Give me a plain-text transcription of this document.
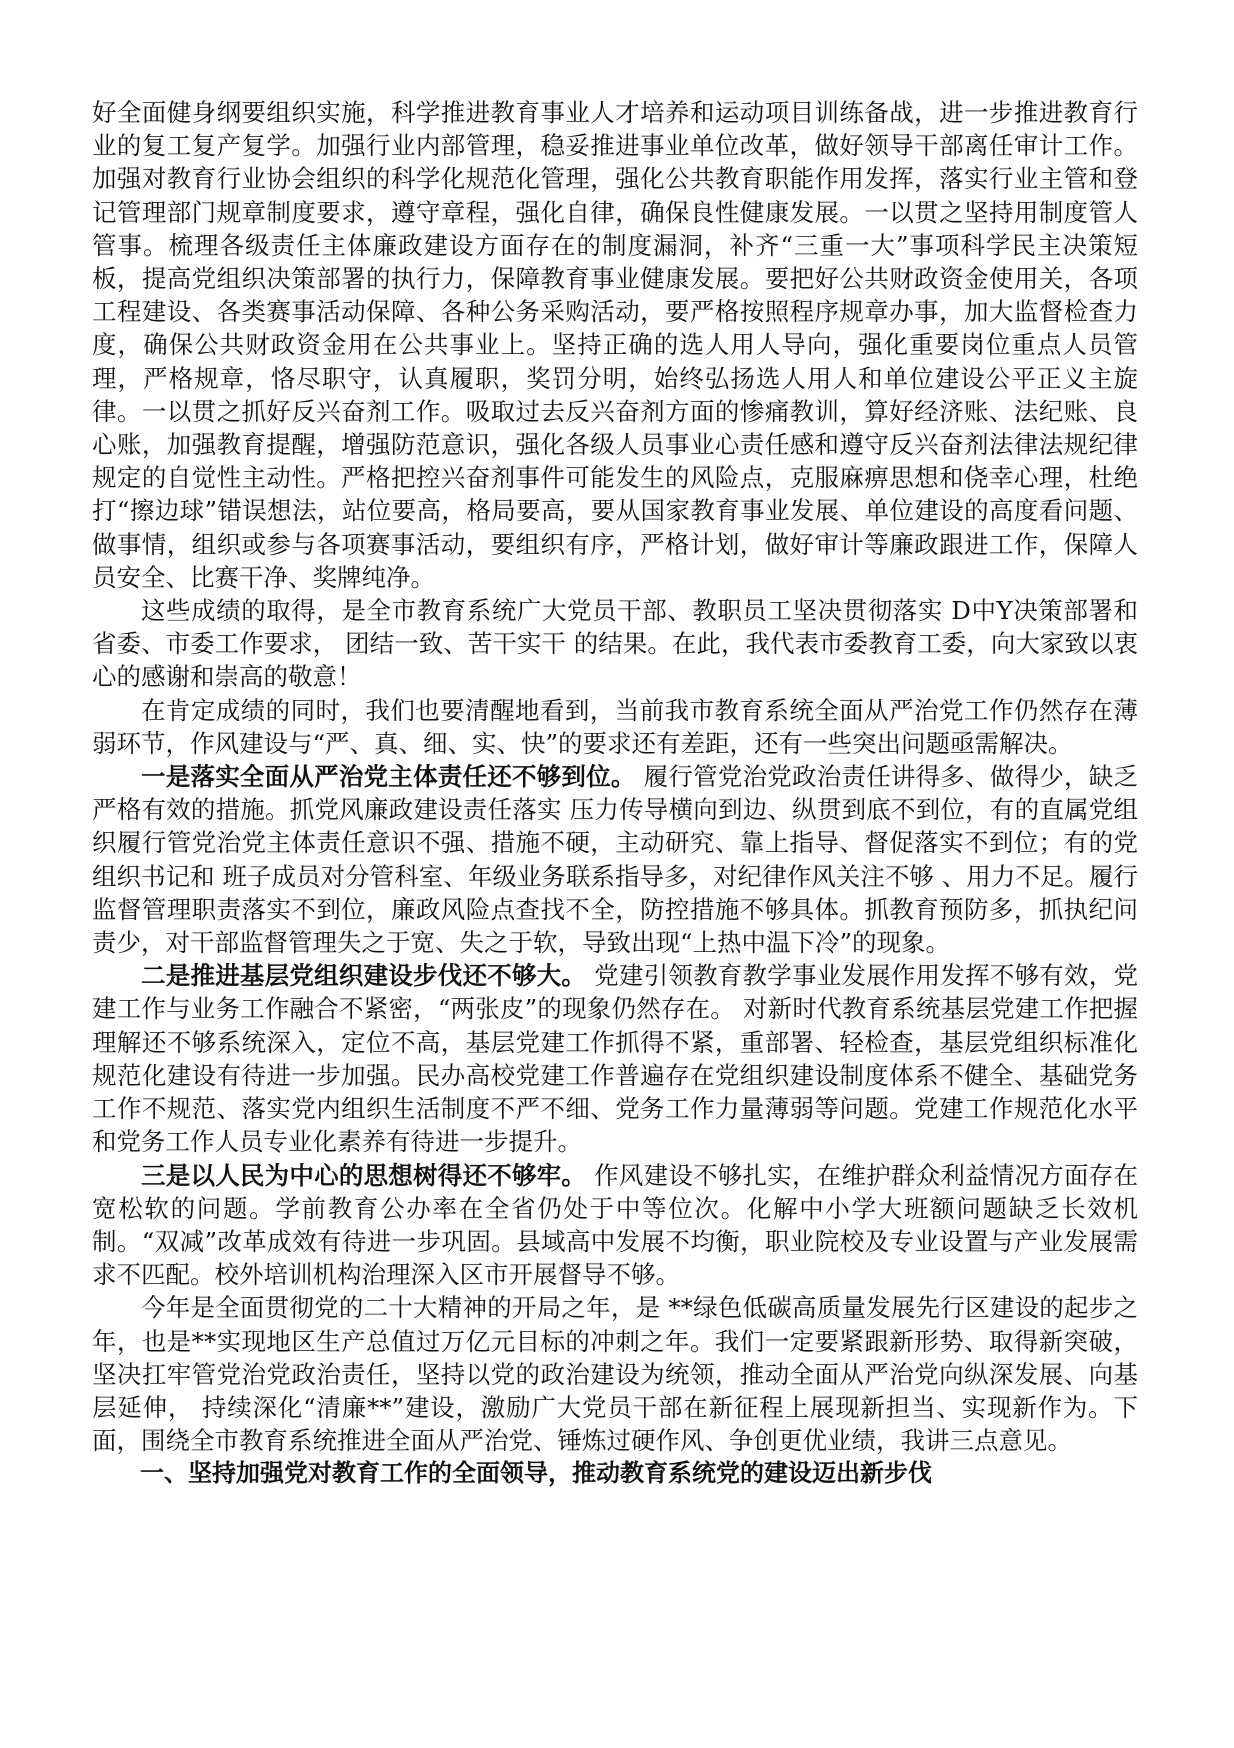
好全面健身纲要组织实施，科学推进教育事业人才培养和运动项目训练备战，进一步推进教育行业的复工复产复学。加强行业内部管理，稳妥推进事业单位改革，做好领导干部离任审计工作。加强对教育行业协会组织的科学化规范化管理，强化公共教育职能作用发挥，落实行业主管和登记管理部门规章制度要求，遵守章程，强化自律，确保良性健康发展。一以贯之坚持用制度管人管事。梳理各级责任主体廉政建设方面存在的制度漏洞，补齐“三重一大”事项科学民主决策短板，提高党组织决策部署的执行力，保障教育事业健康发展。要把好公共财政资金使用关，各项工程建设、各类赛事活动保障、各种公务采购活动，要严格按照程序规章办事，加大监督检查力度，确保公共财政资金用在公共事业上。坚持正确的选人用人导向，强化重要岗位重点人员管理，严格规章，恪尽职守，认真履职，奖罚分明，始终弘扬选人用人和单位建设公平正义主旋律。一以贯之抓好反兴奋剂工作。吸取过去反兴奋剂方面的惨痛教训，算好经济账、法纪账、良心账，加强教育提醒，增强防范意识，强化各级人员事业心责任感和遵守反兴奋剂法律法规纪律规定的自觉性主动性。严格把控兴奋剂事件可能发生的风险点，克服麻痹思想和侥幸心理，杜绝打“擦边球”错误想法，站位要高，格局要高，要从国家教育事业发展、单位建设的高度看问题、做事情，组织或参与各项赛事活动，要组织有序，严格计划，做好审计等廉政跟进工作，保障人员安全、比赛干净、奖牌纯净。

这些成绩的取得，是全市教育系统广大党员干部、教职员工坚决贯彻落实 D中Y决策部署和省委、市委工作要求， 团结一致、苦干实干 的结果。在此，我代表市委教育工委，向大家致以衷心的感谢和崇高的敬意！

在肯定成绩的同时，我们也要清醒地看到，当前我市教育系统全面从严治党工作仍然存在薄弱环节，作风建设与“严、真、细、实、快”的要求还有差距，还有一些突出问题亟需解决。

一是落实全面从严治党主体责任还不够到位。 履行管党治党政治责任讲得多、做得少，缺乏严格有效的措施。抓党风廉政建设责任落实 压力传导横向到边、纵贯到底不到位，有的直属党组织履行管党治党主体责任意识不强、措施不硬，主动研究、靠上指导、督促落实不到位；有的党组织书记和 班子成员对分管科室、年级业务联系指导多，对纪律作风关注不够 、用力不足。履行监督管理职责落实不到位，廉政风险点查找不全，防控措施不够具体。抓教育预防多，抓执纪问责少，对干部监督管理失之于宽、失之于软，导致出现“上热中温下冷”的现象。

二是推进基层党组织建设步伐还不够大。 党建引领教育教学事业发展作用发挥不够有效，党建工作与业务工作融合不紧密，“两张皮”的现象仍然存在。 对新时代教育系统基层党建工作把握理解还不够系统深入，定位不高，基层党建工作抓得不紧，重部署、轻检查，基层党组织标准化规范化建设有待进一步加强。民办高校党建工作普遍存在党组织建设制度体系不健全、基础党务工作不规范、落实党内组织生活制度不严不细、党务工作力量薄弱等问题。党建工作规范化水平和党务工作人员专业化素养有待进一步提升。

三是以人民为中心的思想树得还不够牢。 作风建设不够扎实，在维护群众利益情况方面存在宽松软的问题。学前教育公办率在全省仍处于中等位次。化解中小学大班额问题缺乏长效机制。“双减”改革成效有待进一步巩固。县域高中发展不均衡，职业院校及专业设置与产业发展需求不匹配。校外培训机构治理深入区市开展督导不够。

今年是全面贯彻党的二十大精神的开局之年，是 **绿色低碳高质量发展先行区建设的起步之年，也是**实现地区生产总值过万亿元目标的冲刺之年。我们一定要紧跟新形势、取得新突破，坚决扛牢管党治党政治责任，坚持以党的政治建设为统领，推动全面从严治党向纵深发展、向基层延伸， 持续深化“清廉**”建设，激励广大党员干部在新征程上展现新担当、实现新作为。下面，围绕全市教育系统推进全面从严治党、锤炼过硬作风、争创更优业绩，我讲三点意见。

一、坚持加强党对教育工作的全面领导，推动教育系统党的建设迈出新步伐
